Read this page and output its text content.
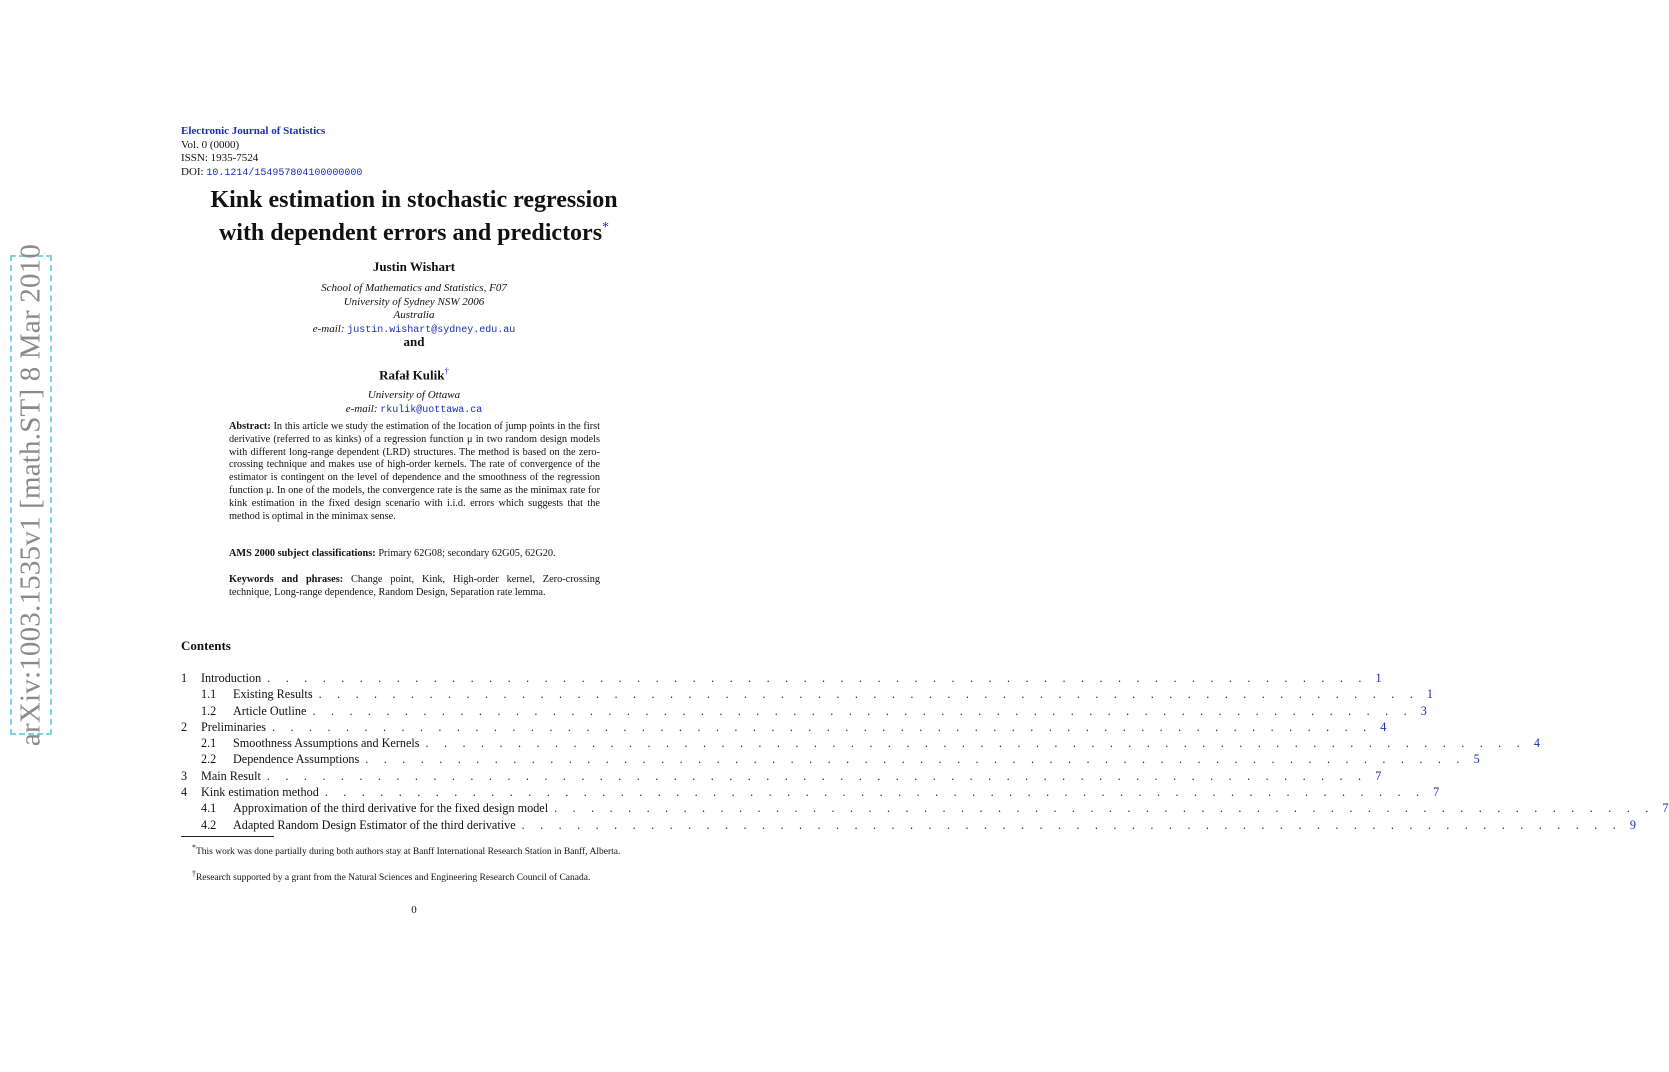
arXiv:1003.1535v1 [math.ST] 8 Mar 2010
Electronic Journal of Statistics
Vol. 0 (0000)
ISSN: 1935-7524
DOI: 10.1214/154957804100000000
Kink estimation in stochastic regression
with dependent errors and predictors*
Justin Wishart
School of Mathematics and Statistics, F07
University of Sydney NSW 2006
Australia
e-mail: justin.wishart@sydney.edu.au
and
Rafał Kulik†
University of Ottawa
e-mail: rkulik@uottawa.ca
Abstract: In this article we study the estimation of the location of jump points in the first derivative (referred to as kinks) of a regression function μ in two random design models with different long-range dependent (LRD) structures. The method is based on the zero-crossing technique and makes use of high-order kernels. The rate of convergence of the estimator is contingent on the level of dependence and the smoothness of the regression function μ. In one of the models, the convergence rate is the same as the minimax rate for kink estimation in the fixed design scenario with i.i.d. errors which suggests that the method is optimal in the minimax sense.
AMS 2000 subject classifications: Primary 62G08; secondary 62G05, 62G20.
Keywords and phrases: Change point, Kink, High-order kernel, Zero-crossing technique, Long-range dependence, Random Design, Separation rate lemma.
Contents
1	Introduction . . . . . . . . . . . . . . . . . . . . . . . . . . . . . . . . . . . . . . . . . . . . . . . . . . . . . . . . . . . . 1
1.1	Existing Results . . . . . . . . . . . . . . . . . . . . . . . . . . . . . . . . . . . . . . . . . . . . . . . . . . . . . . . . . . . . 1
1.2	Article Outline . . . . . . . . . . . . . . . . . . . . . . . . . . . . . . . . . . . . . . . . . . . . . . . . . . . . . . . . . . . . 3
2	Preliminaries . . . . . . . . . . . . . . . . . . . . . . . . . . . . . . . . . . . . . . . . . . . . . . . . . . . . . . . . . . . . 4
2.1	Smoothness Assumptions and Kernels . . . . . . . . . . . . . . . . . . . . . . . . . . . . . . . . . . . . . . . . . . . . . . . . . . . . . . . . . . . . 4
2.2	Dependence Assumptions . . . . . . . . . . . . . . . . . . . . . . . . . . . . . . . . . . . . . . . . . . . . . . . . . . . . . . . . . . . . 5
3	Main Result . . . . . . . . . . . . . . . . . . . . . . . . . . . . . . . . . . . . . . . . . . . . . . . . . . . . . . . . . . . . 7
4	Kink estimation method . . . . . . . . . . . . . . . . . . . . . . . . . . . . . . . . . . . . . . . . . . . . . . . . . . . . . . . . . . . . 7
4.1	Approximation of the third derivative for the fixed design model . . . . . . . . . . . . . . . . . . . . . . . . . . . . . . . . . . . . . . . . . . . . . . . . . . . . . . . . . . . . 7
4.2	Adapted Random Design Estimator of the third derivative . . . . . . . . . . . . . . . . . . . . . . . . . . . . . . . . . . . . . . . . . . . . . . . . . . . . . . . . . . . . 9
*This work was done partially during both authors stay at Banff International Research Station in Banff, Alberta.
†Research supported by a grant from the Natural Sciences and Engineering Research Council of Canada.
0
